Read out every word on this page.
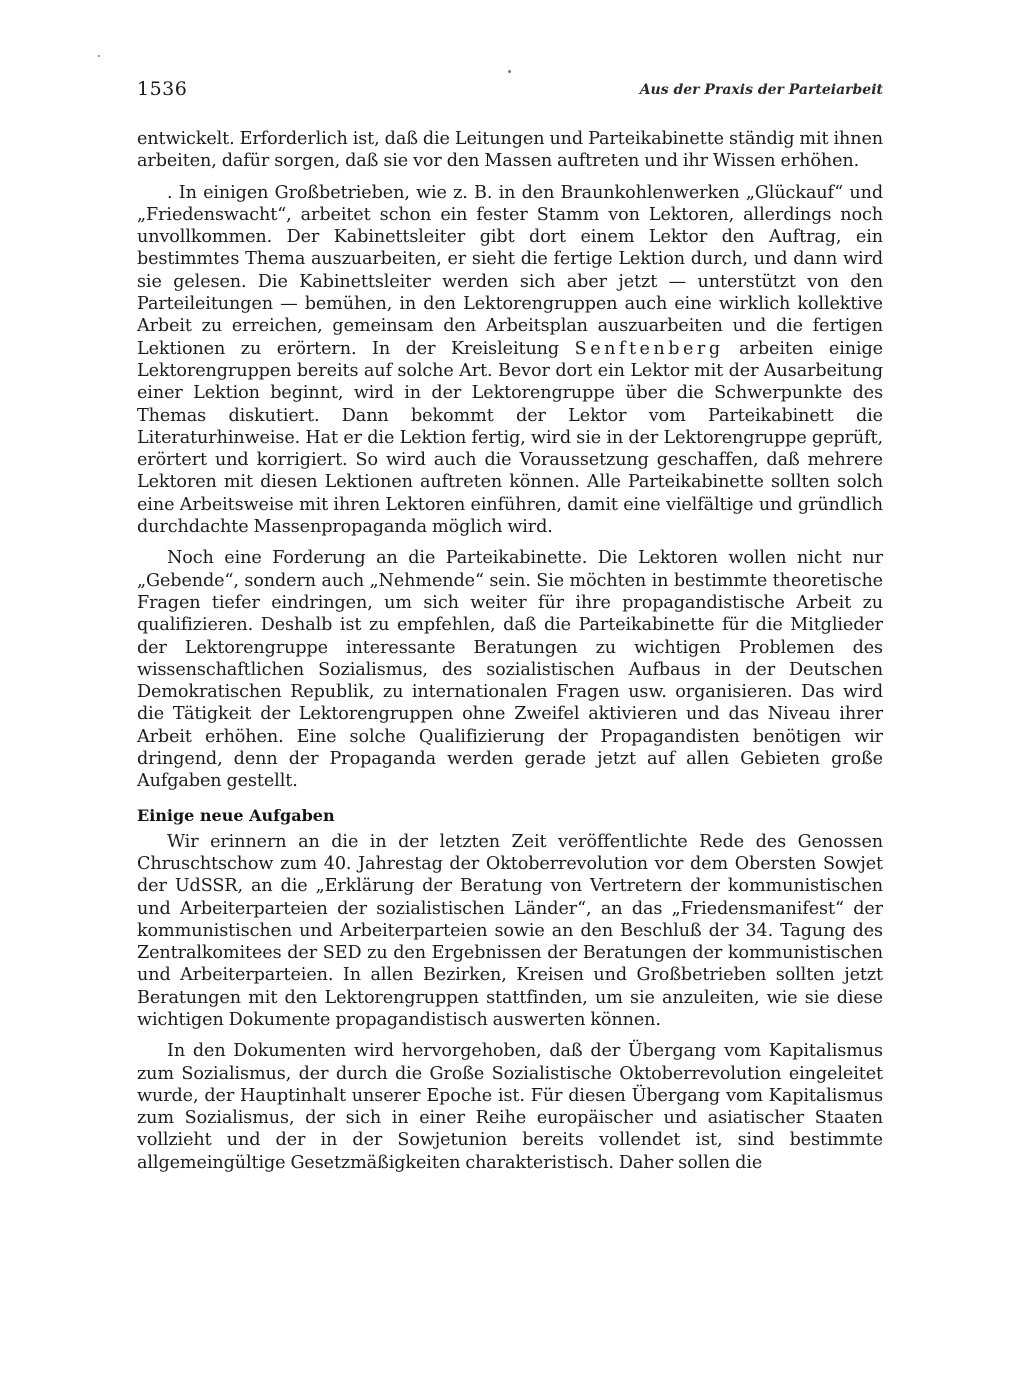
1536	Aus der Praxis der Parteiarbeit

entwickelt. Erforderlich ist, daß die Leitungen und Parteikabinette ständig mit ihnen arbeiten, dafür sorgen, daß sie vor den Massen auftreten und ihr Wissen erhöhen.

. In einigen Großbetrieben, wie z. B. in den Braunkohlenwerken „Glückauf“ und „Friedenswacht“, arbeitet schon ein fester Stamm von Lektoren, allerdings noch unvollkommen. Der Kabinettsleiter gibt dort einem Lektor den Auftrag, ein bestimmtes Thema auszuarbeiten, er sieht die fertige Lektion durch, und dann wird sie gelesen. Die Kabinettsleiter werden sich aber jetzt — unterstützt von den Parteileitungen — bemühen, in den Lektorengruppen auch eine wirklich kollektive Arbeit zu erreichen, gemeinsam den Arbeitsplan auszuarbeiten und die fertigen Lektionen zu erörtern. In der Kreisleitung Senftenberg arbeiten einige Lektorengruppen bereits auf solche Art. Bevor dort ein Lektor mit der Ausarbeitung einer Lektion beginnt, wird in der Lektorengruppe über die Schwerpunkte des Themas diskutiert. Dann bekommt der Lektor vom Parteikabinett die Literaturhinweise. Hat er die Lektion fertig, wird sie in der Lektorengruppe geprüft, erörtert und korrigiert. So wird auch die Voraussetzung geschaffen, daß mehrere Lektoren mit diesen Lektionen auftreten können. Alle Parteikabinette sollten solch eine Arbeitsweise mit ihren Lektoren einführen, damit eine vielfältige und gründlich durchdachte Massenpropaganda möglich wird.

Noch eine Forderung an die Parteikabinette. Die Lektoren wollen nicht nur „Gebende“, sondern auch „Nehmende“ sein. Sie möchten in bestimmte theoretische Fragen tiefer eindringen, um sich weiter für ihre propagandistische Arbeit zu qualifizieren. Deshalb ist zu empfehlen, daß die Parteikabinette für die Mitglieder der Lektorengruppe interessante Beratungen zu wichtigen Problemen des wissenschaftlichen Sozialismus, des sozialistischen Aufbaus in der Deutschen Demokratischen Republik, zu internationalen Fragen usw. organisieren. Das wird die Tätigkeit der Lektorengruppen ohne Zweifel aktivieren und das Niveau ihrer Arbeit erhöhen. Eine solche Qualifizierung der Propagandisten benötigen wir dringend, denn der Propaganda werden gerade jetzt auf allen Gebieten große Aufgaben gestellt.

Einige neue Aufgaben

Wir erinnern an die in der letzten Zeit veröffentlichte Rede des Genossen Chruschtschow zum 40. Jahrestag der Oktoberrevolution vor dem Obersten Sowjet der UdSSR, an die „Erklärung der Beratung von Vertretern der kommunistischen und Arbeiterparteien der sozialistischen Länder“, an das „Friedensmanifest“ der kommunistischen und Arbeiterparteien sowie an den Beschluß der 34. Tagung des Zentralkomitees der SED zu den Ergebnissen der Beratungen der kommunistischen und Arbeiterparteien. In allen Bezirken, Kreisen und Großbetrieben sollten jetzt Beratungen mit den Lektorengruppen stattfinden, um sie anzuleiten, wie sie diese wichtigen Dokumente propagandistisch auswerten können.

In den Dokumenten wird hervorgehoben, daß der Übergang vom Kapitalismus zum Sozialismus, der durch die Große Sozialistische Oktoberrevolution eingeleitet wurde, der Hauptinhalt unserer Epoche ist. Für diesen Übergang vom Kapitalismus zum Sozialismus, der sich in einer Reihe europäischer und asiatischer Staaten vollzieht und der in der Sowjetunion bereits vollendet ist, sind bestimmte allgemeingültige Gesetzmäßigkeiten charakteristisch. Daher sollen die
